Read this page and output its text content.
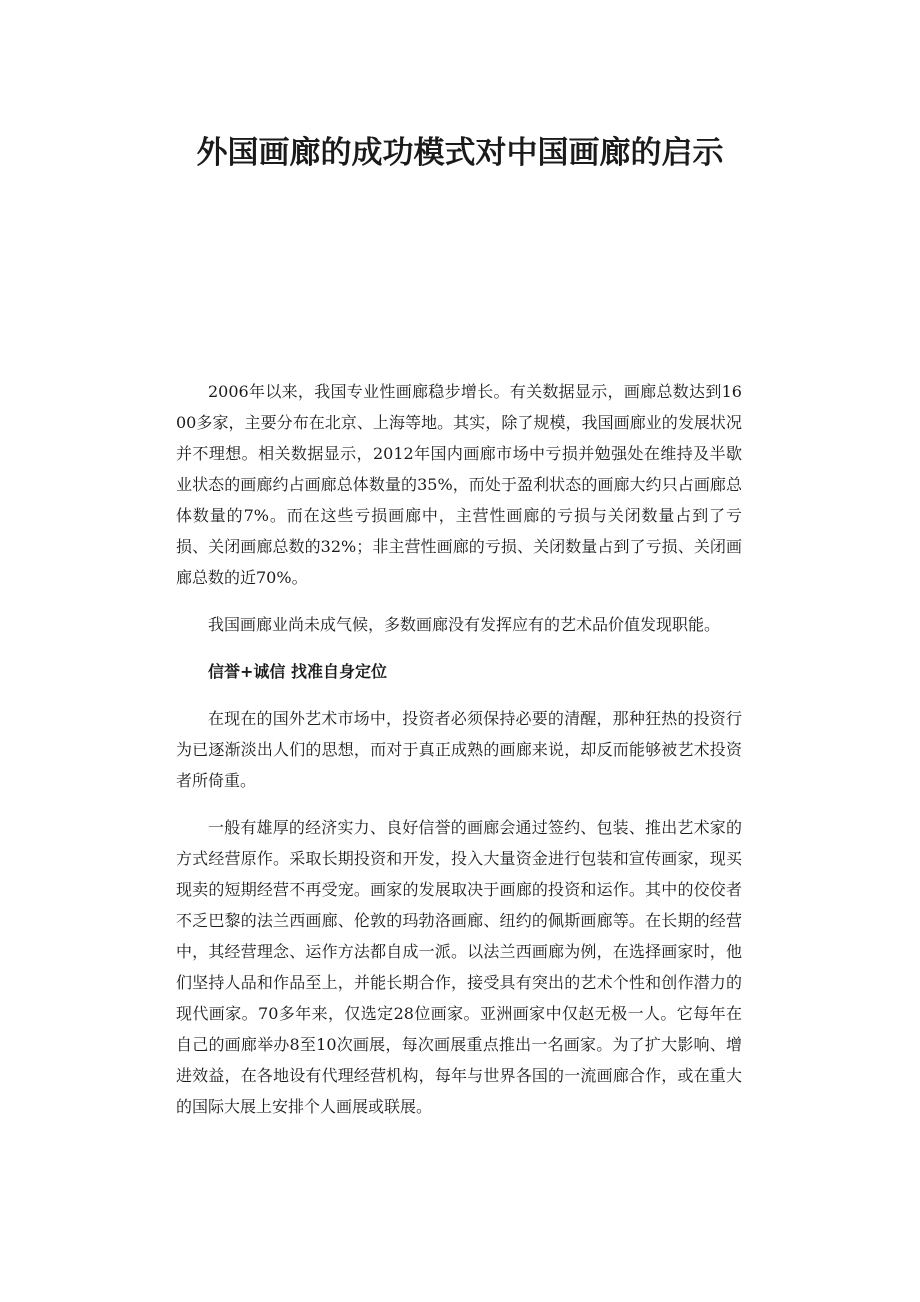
外国画廊的成功模式对中国画廊的启示

2006年以来，我国专业性画廊稳步增长。有关数据显示，画廊总数达到1600多家，主要分布在北京、上海等地。其实，除了规模，我国画廊业的发展状况并不理想。相关数据显示，2012年国内画廊市场中亏损并勉强处在维持及半歇业状态的画廊约占画廊总体数量的35%，而处于盈利状态的画廊大约只占画廊总体数量的7%。而在这些亏损画廊中，主营性画廊的亏损与关闭数量占到了亏损、关闭画廊总数的32%；非主营性画廊的亏损、关闭数量占到了亏损、关闭画廊总数的近70%。

我国画廊业尚未成气候，多数画廊没有发挥应有的艺术品价值发现职能。

信誉+诚信 找准自身定位

在现在的国外艺术市场中，投资者必须保持必要的清醒，那种狂热的投资行为已逐渐淡出人们的思想，而对于真正成熟的画廊来说，却反而能够被艺术投资者所倚重。

一般有雄厚的经济实力、良好信誉的画廊会通过签约、包装、推出艺术家的方式经营原作。采取长期投资和开发，投入大量资金进行包装和宣传画家，现买现卖的短期经营不再受宠。画家的发展取决于画廊的投资和运作。其中的佼佼者不乏巴黎的法兰西画廊、伦敦的玛勃洛画廊、纽约的佩斯画廊等。在长期的经营中，其经营理念、运作方法都自成一派。以法兰西画廊为例，在选择画家时，他们坚持人品和作品至上，并能长期合作，接受具有突出的艺术个性和创作潜力的现代画家。70多年来，仅选定28位画家。亚洲画家中仅赵无极一人。它每年在自己的画廊举办8至10次画展，每次画展重点推出一名画家。为了扩大影响、增进效益，在各地设有代理经营机构，每年与世界各国的一流画廊合作，或在重大的国际大展上安排个人画展或联展。
